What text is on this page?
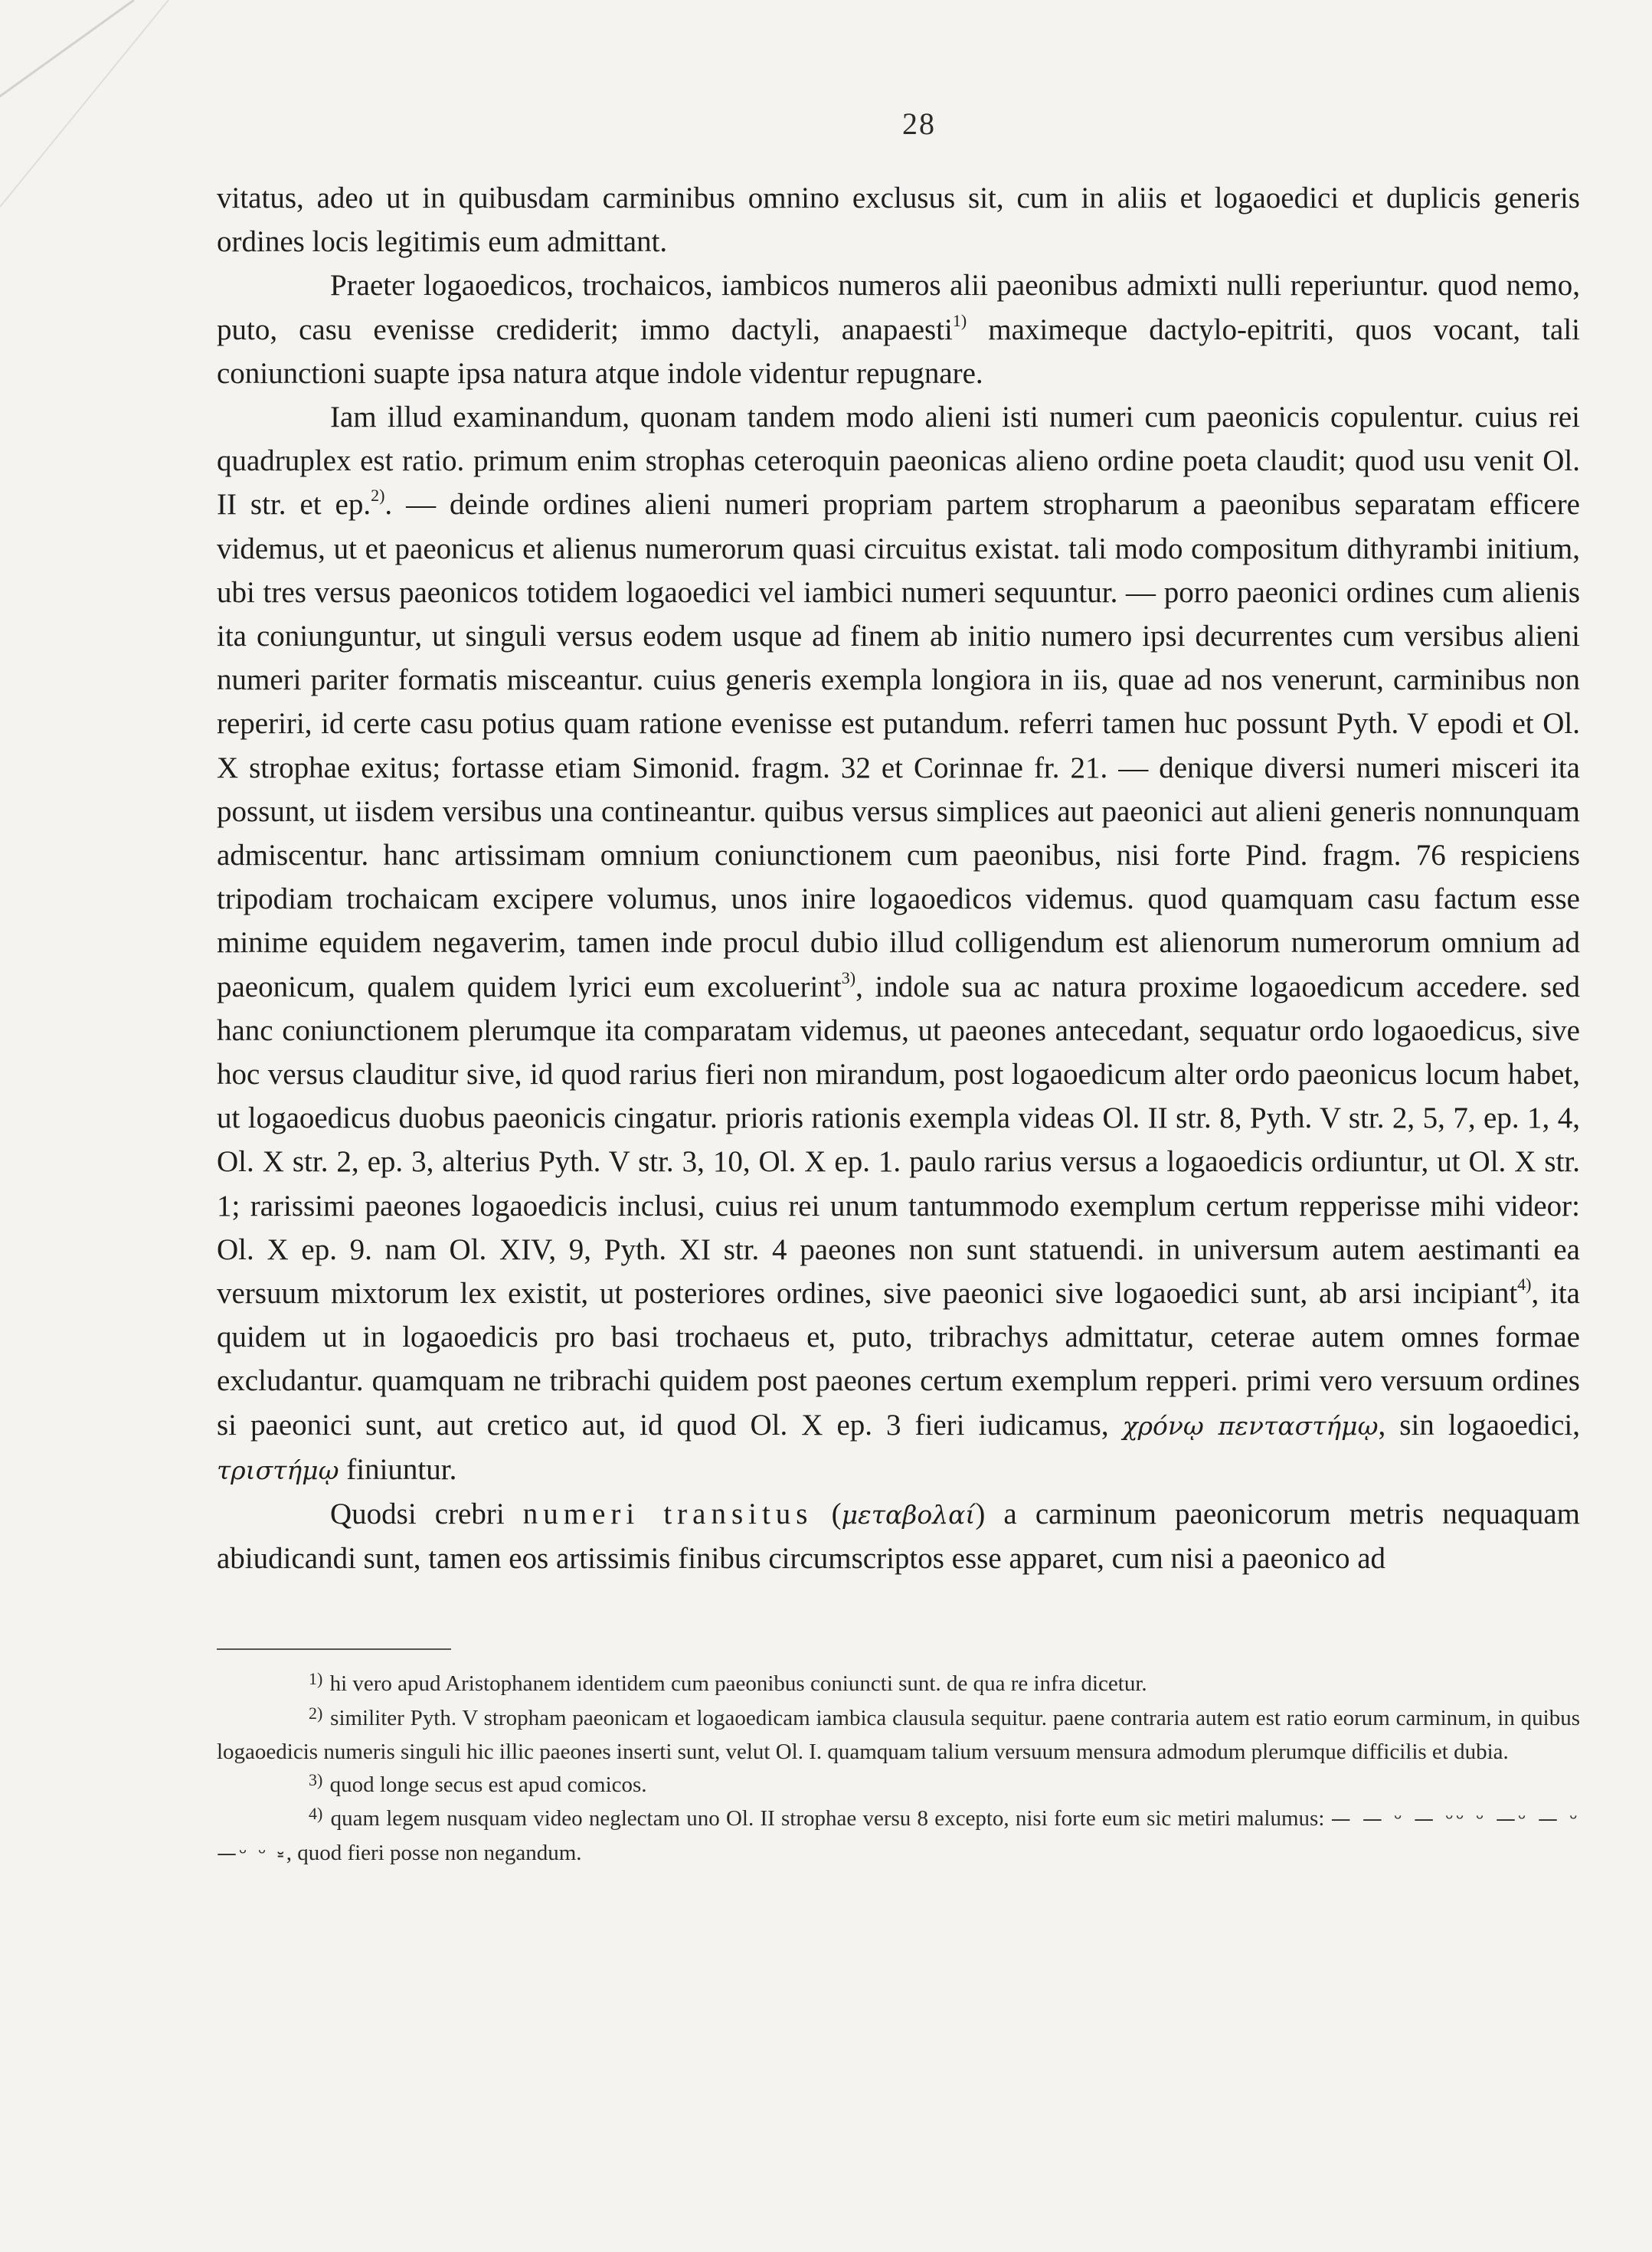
28

vitatus, adeo ut in quibusdam carminibus omnino exclusus sit, cum in aliis et logaoedici et duplicis generis ordines locis legitimis eum admittant.

Praeter logaoedicos, trochaicos, iambicos numeros alii paeonibus admixti nulli reperiuntur. quod nemo, puto, casu evenisse crediderit; immo dactyli, anapaesti$^{1)}$ maximeque dactylo-epitriti, quos vocant, tali coniunctioni suapte ipsa natura atque indole videntur repugnare.

Iam illud examinandum, quonam tandem modo alieni isti numeri cum paeonicis copulentur. cuius rei quadruplex est ratio. primum enim strophas ceteroquin paeonicas alieno ordine poeta claudit; quod usu venit Ol. II str. et ep.$^{2)}$. — deinde ordines alieni numeri propriam partem stropharum a paeonibus separatam efficere videmus, ut et paeonicus et alienus numerorum quasi circuitus existat. tali modo compositum dithyrambi initium, ubi tres versus paeonicos totidem logaoedici vel iambici numeri sequuntur. — porro paeonici ordines cum alienis ita coniunguntur, ut singuli versus eodem usque ad finem ab initio numero ipsi decurrentes cum versibus alieni numeri pariter formatis misceantur. cuius generis exempla longiora in iis, quae ad nos venerunt, carminibus non reperiri, id certe casu potius quam ratione evenisse est putandum. referri tamen huc possunt Pyth. V epodi et Ol. X strophae exitus; fortasse etiam Simonid. fragm. 32 et Corinnae fr. 21. — denique diversi numeri misceri ita possunt, ut iisdem versibus una contineantur. quibus versus simplices aut paeonici aut alieni generis nonnunquam admiscentur. hanc artissimam omnium coniunctionem cum paeonibus, nisi forte Pind. fragm. 76 respiciens tripodiam trochaicam excipere volumus, unos inire logaoedicos videmus. quod quamquam casu factum esse minime equidem negaverim, tamen inde procul dubio illud colligendum est alienorum numerorum omnium ad paeonicum, qualem quidem lyrici eum excoluerint$^{3)}$, indole sua ac natura proxime logaoedicum accedere. sed hanc coniunctionem plerumque ita comparatam videmus, ut paeones antecedant, sequatur ordo logaoedicus, sive hoc versus clauditur sive, id quod rarius fieri non mirandum, post logaoedicum alter ordo paeonicus locum habet, ut logaoedicus duobus paeonicis cingatur. prioris rationis exempla videas Ol. II str. 8, Pyth. V str. 2, 5, 7, ep. 1, 4, Ol. X str. 2, ep. 3, alterius Pyth. V str. 3, 10, Ol. X ep. 1. paulo rarius versus a logaoedicis ordiuntur, ut Ol. X str. 1; rarissimi paeones logaoedicis inclusi, cuius rei unum tantummodo exemplum certum repperisse mihi videor: Ol. X ep. 9. nam Ol. XIV, 9, Pyth. XI str. 4 paeones non sunt statuendi. in universum autem aestimanti ea versuum mixtorum lex existit, ut posteriores ordines, sive paeonici sive logaoedici sunt, ab arsi incipiant$^{4)}$, ita quidem ut in logaoedicis pro basi trochaeus et, puto, tribrachys admittatur, ceterae autem omnes formae excludantur. quamquam ne tribrachi quidem post paeones certum exemplum repperi. primi vero versuum ordines si paeonici sunt, aut cretico aut, id quod Ol. X ep. 3 fieri iudicamus, χρόνῳ πενταστήμῳ, sin logaoedici, τριστήμῳ finiuntur.

Quodsi crebri numeri transitus (μεταβολαί) a carminum paeonicorum metris nequaquam abiudicandi sunt, tamen eos artissimis finibus circumscriptos esse apparet, cum nisi a paeonico ad

$^{1)}$ hi vero apud Aristophanem identidem cum paeonibus coniuncti sunt. de qua re infra dicetur.

$^{2)}$ similiter Pyth. V stropham paeonicam et logaoedicam iambica clausula sequitur. paene contraria autem est ratio eorum carminum, in quibus logaoedicis numeris singuli hic illic paeones inserti sunt, velut Ol. I. quamquam talium versuum mensura admodum plerumque difficilis et dubia.

$^{3)}$ quod longe secus est apud comicos.

$^{4)}$ quam legem nusquam video neglectam uno Ol. II strophae versu 8 excepto, nisi forte eum sic metiri malumus: — — ᵕ — ᵕᵕ ᵕ —ᵕ — ᵕ —ᵕ ᵕ ⏓, quod fieri posse non negandum.
